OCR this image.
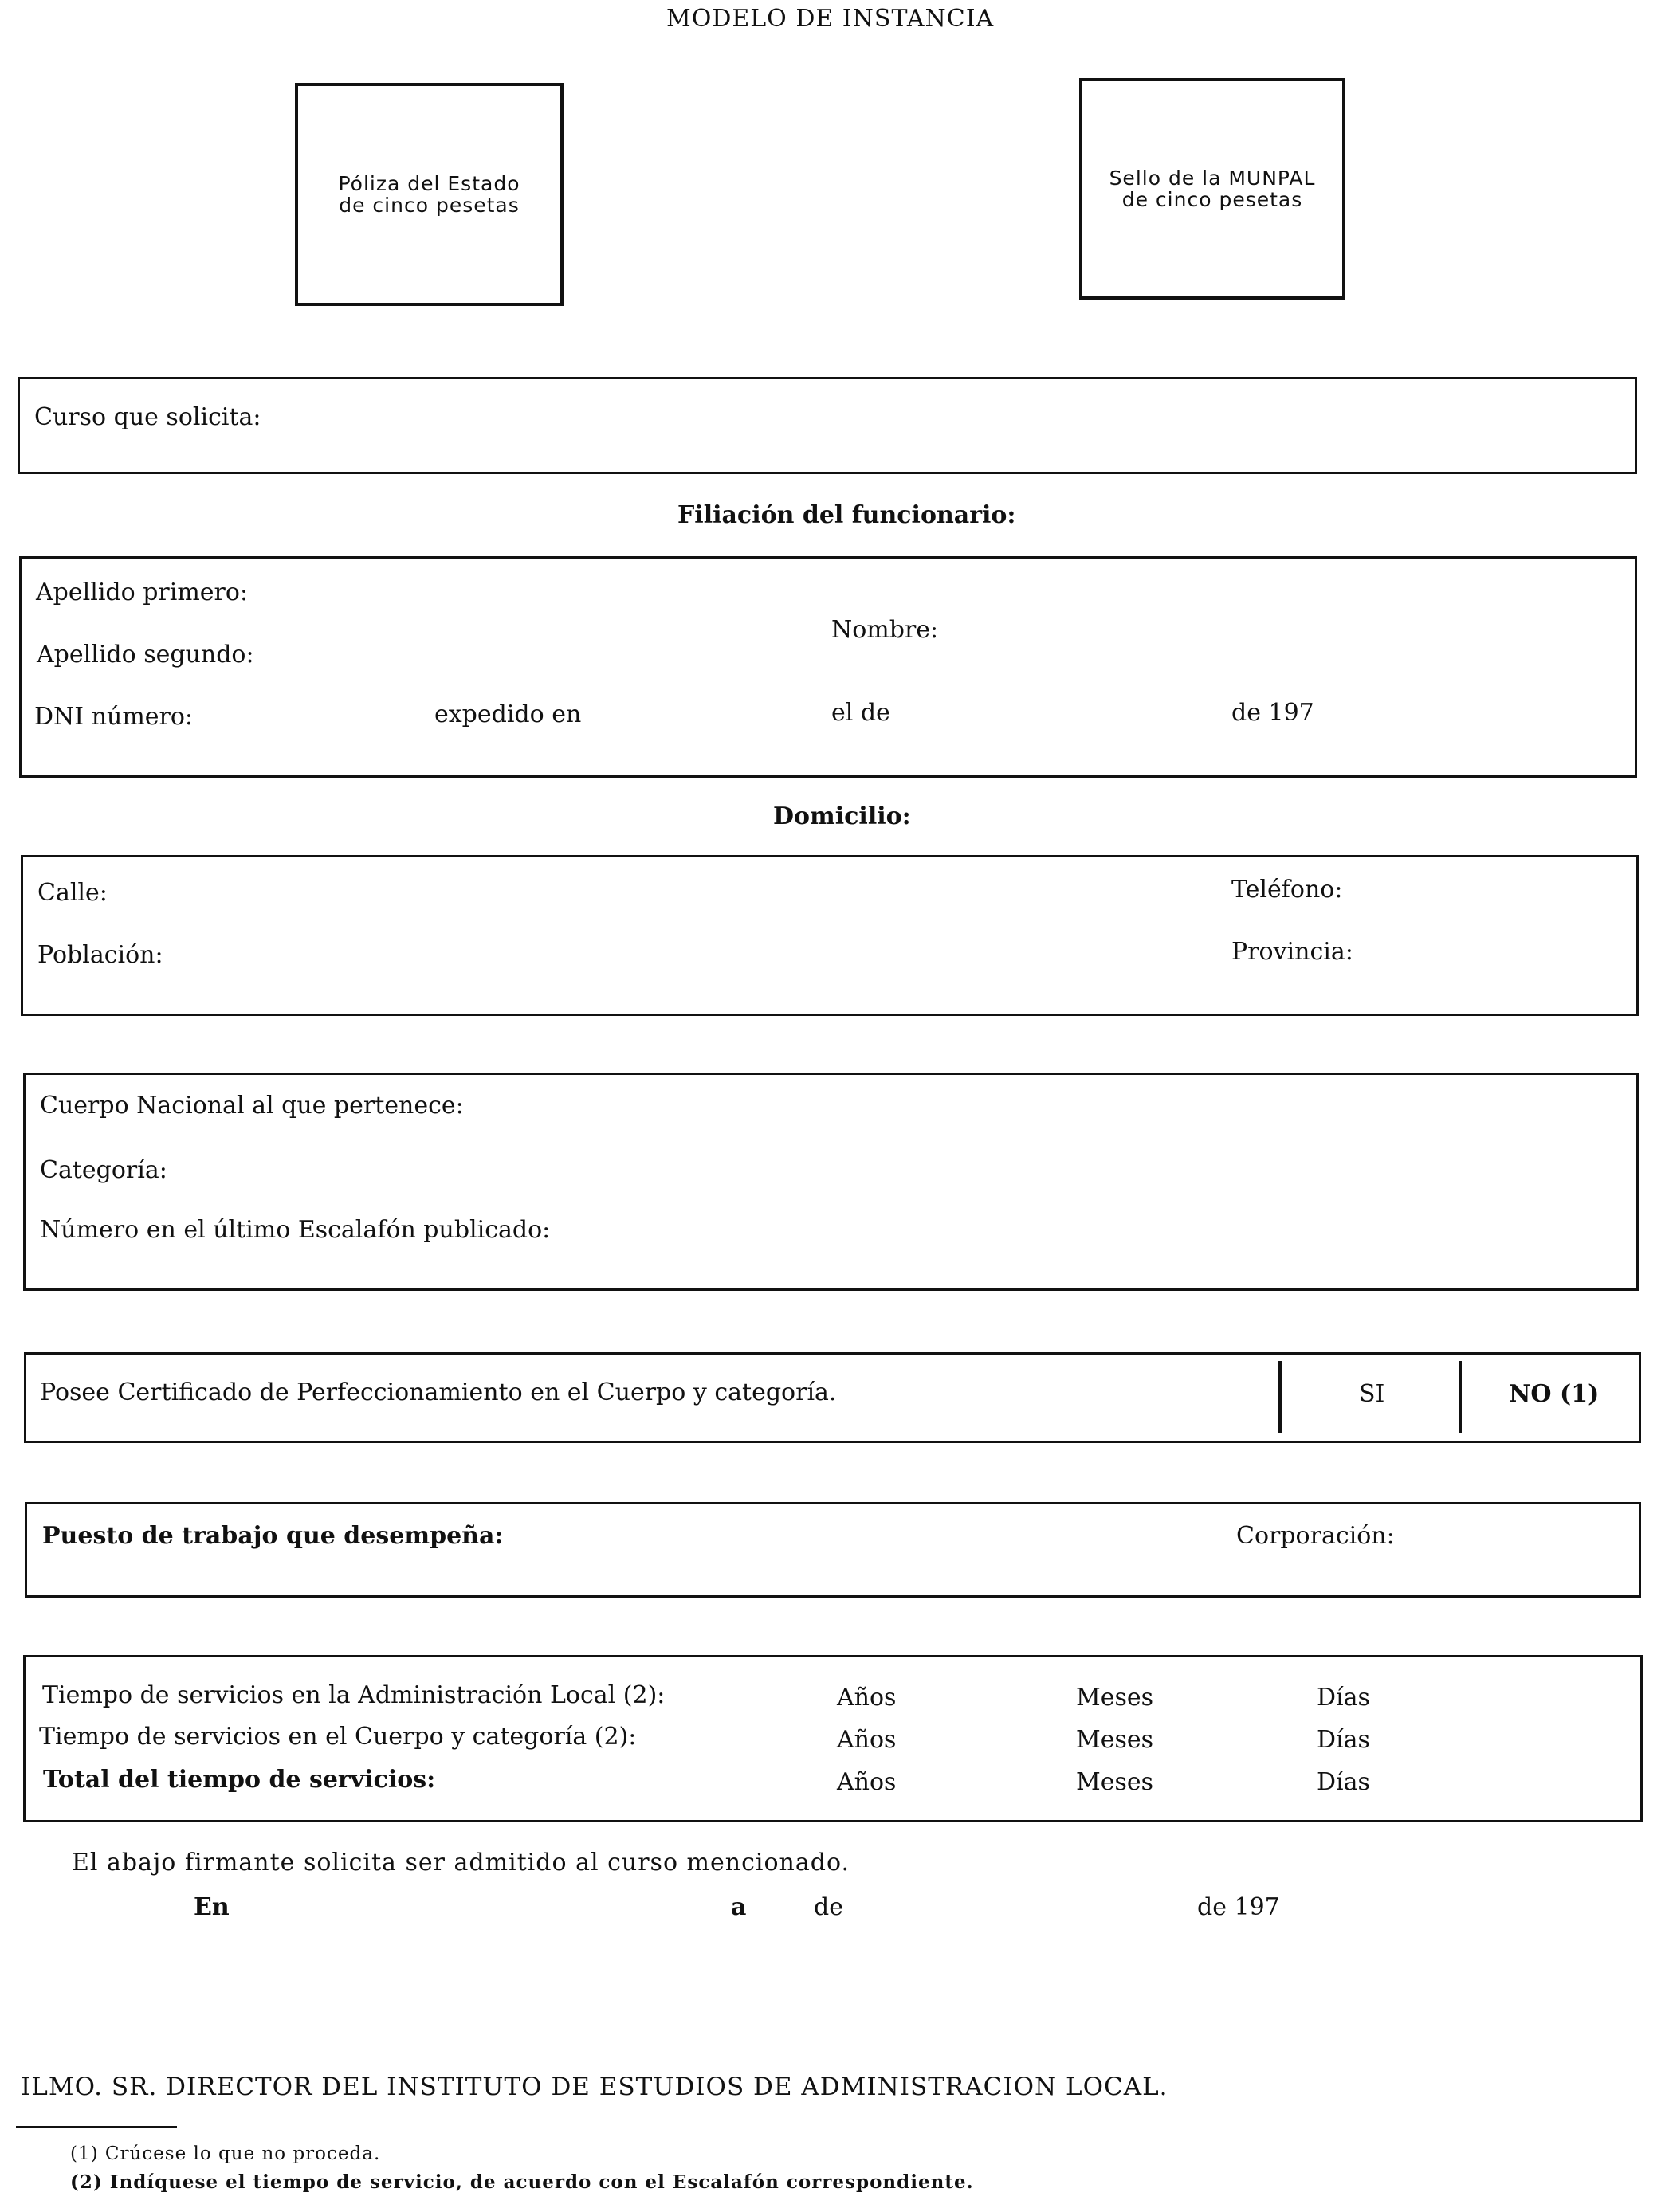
MODELO DE INSTANCIA
Póliza del Estado
de cinco pesetas
Sello de la MUNPAL
de cinco pesetas
Curso que solicita:
Filiación del funcionario:
Apellido primero:
Nombre:
Apellido segundo:
DNI número:	expedido en	el de	de 197
Domicilio:
Calle:	Teléfono:
Población:	Provincia:
Cuerpo Nacional al que pertenece:
Categoría:
Número en el último Escalafón publicado:
Posee Certificado de Perfeccionamiento en el Cuerpo y categoría.	SI	NO (1)
Puesto de trabajo que desempeña:	Corporación:
Tiempo de servicios en la Administración Local (2):	Años	Meses	Días
Tiempo de servicios en el Cuerpo y categoría (2):	Años	Meses	Días
Total del tiempo de servicios:	Años	Meses	Días
El abajo firmante solicita ser admitido al curso mencionado.
En	a	de	de 197
ILMO. SR. DIRECTOR DEL INSTITUTO DE ESTUDIOS DE ADMINISTRACION LOCAL.
(1) Crúcese lo que no proceda.
(2) Indíquese el tiempo de servicio, de acuerdo con el Escalafón correspondiente.
